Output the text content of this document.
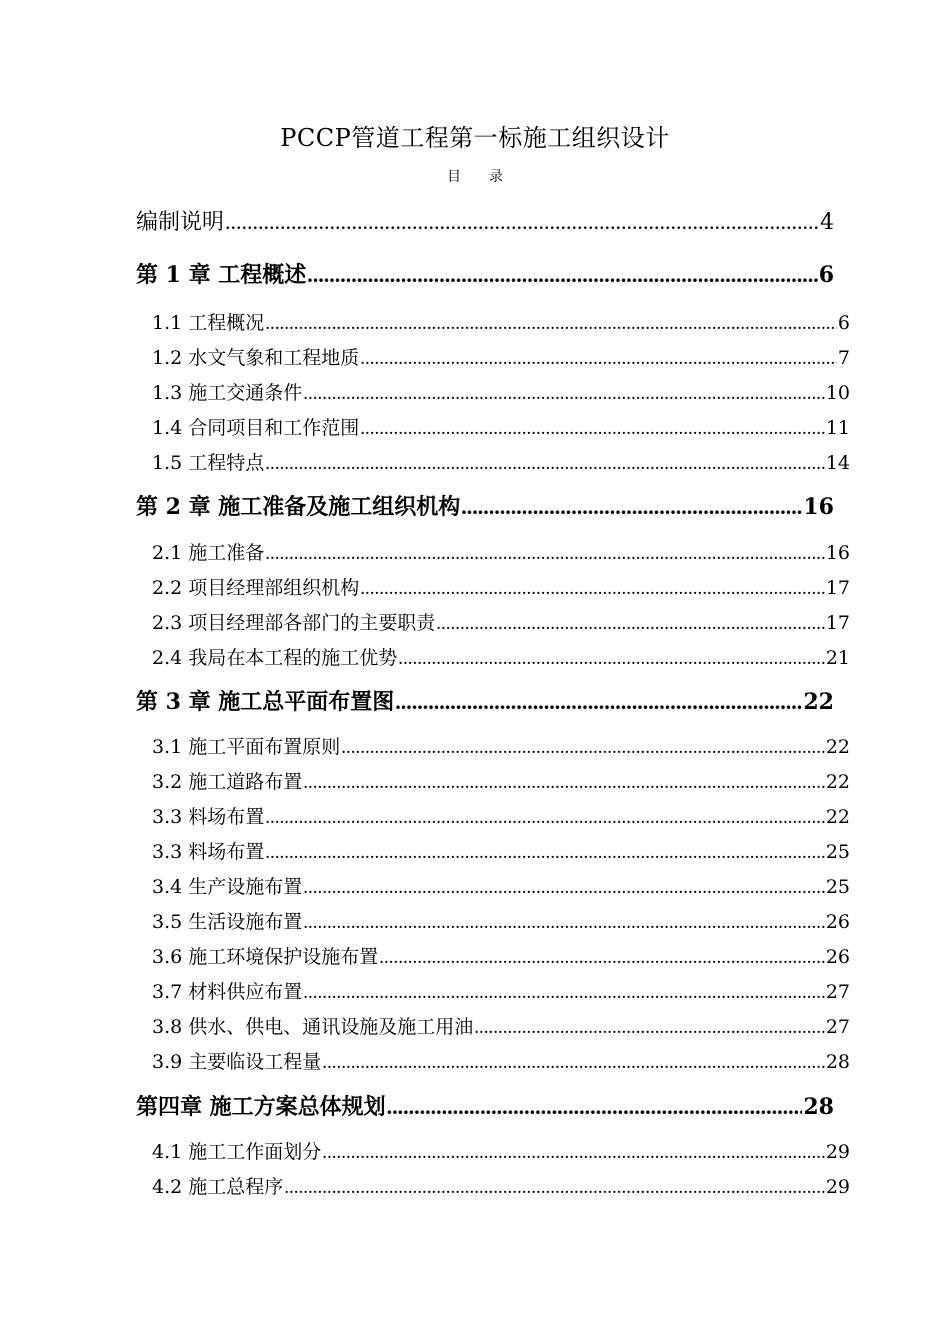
PCCP管道工程第一标施工组织设计
目录
编制说明 .....	4
第 1 章 工程概述 .....	6
1.1 工程概况 .....	6
1.2 水文气象和工程地质 .....	7
1.3 施工交通条件 .....	10
1.4 合同项目和工作范围 .....	11
1.5 工程特点 .....	14
第 2 章 施工准备及施工组织机构 .....	16
2.1 施工准备 .....	16
2.2 项目经理部组织机构 .....	17
2.3 项目经理部各部门的主要职责 .....	17
2.4 我局在本工程的施工优势 .....	21
第 3 章 施工总平面布置图 .....	22
3.1 施工平面布置原则 .....	22
3.2 施工道路布置 .....	22
3.3 料场布置 .....	22
3.3 料场布置 .....	25
3.4 生产设施布置 .....	25
3.5 生活设施布置 .....	26
3.6 施工环境保护设施布置 .....	26
3.7 材料供应布置 .....	27
3.8 供水、供电、通讯设施及施工用油 .....	27
3.9 主要临设工程量 .....	28
第四章 施工方案总体规划 .....	28
4.1 施工工作面划分 .....	29
4.2 施工总程序 .....	29
